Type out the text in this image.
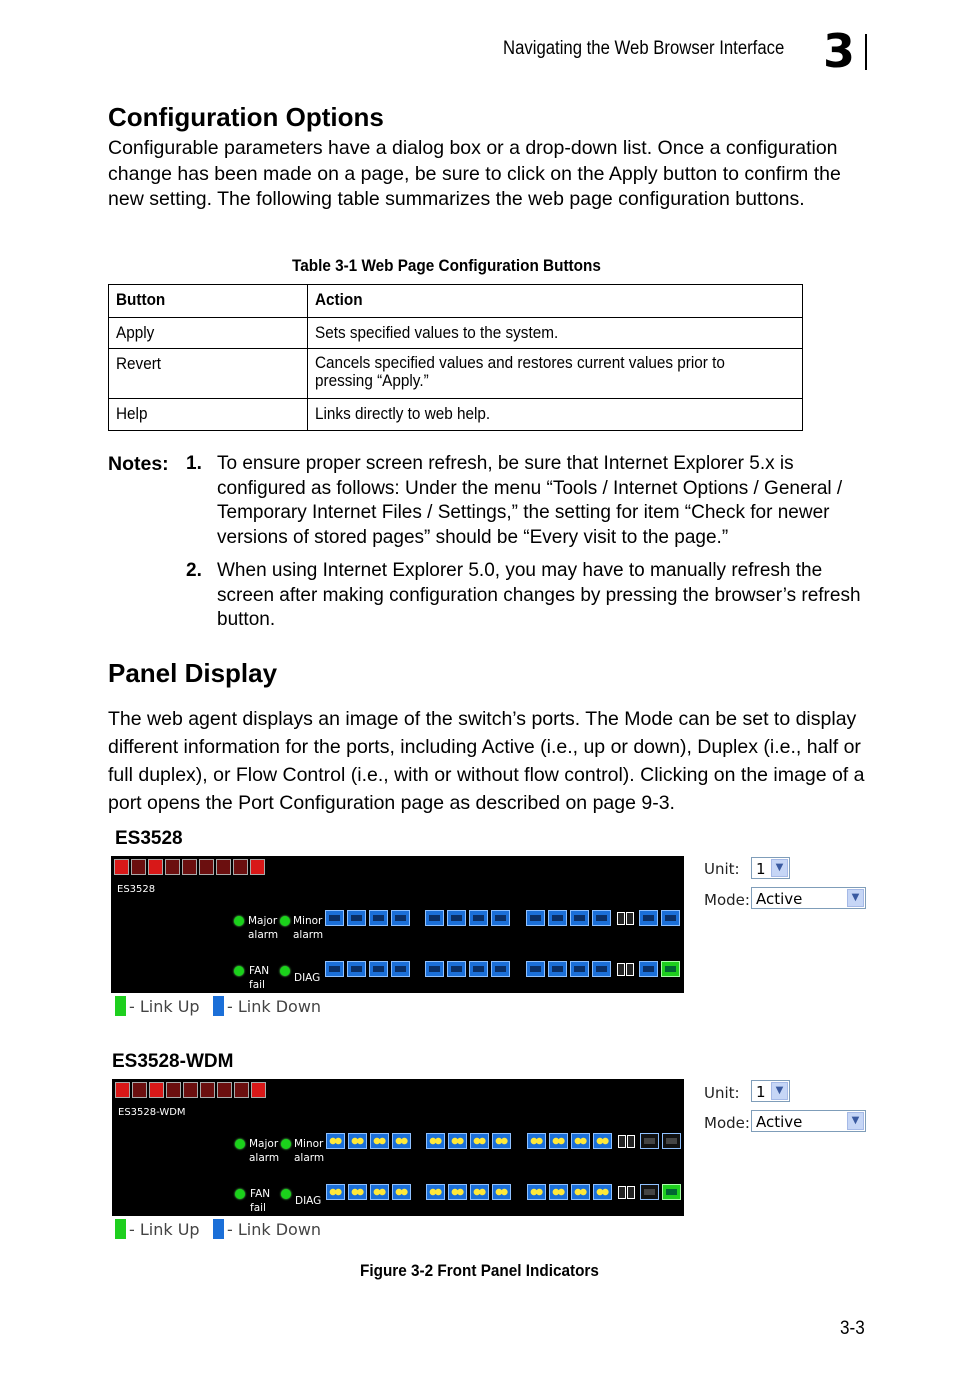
Navigating the Web Browser Interface 3
Configuration Options
Configurable parameters have a dialog box or a drop-down list. Once a configuration change has been made on a page, be sure to click on the Apply button to confirm the new setting. The following table summarizes the web page configuration buttons.
Table 3-1 Web Page Configuration Buttons
Button	Action
Apply	Sets specified values to the system.
Revert	Cancels specified values and restores current values prior to pressing “Apply.”
Help	Links directly to web help.
Notes: 1. To ensure proper screen refresh, be sure that Internet Explorer 5.x is configured as follows: Under the menu “Tools / Internet Options / General / Temporary Internet Files / Settings,” the setting for item “Check for newer versions of stored pages” should be “Every visit to the page.”
2. When using Internet Explorer 5.0, you may have to manually refresh the screen after making configuration changes by pressing the browser’s refresh button.
Panel Display
The web agent displays an image of the switch’s ports. The Mode can be set to display different information for the ports, including Active (i.e., up or down), Duplex (i.e., half or full duplex), or Flow Control (i.e., with or without flow control). Clicking on the image of a port opens the Port Configuration page as described on page 9-3.
ES3528
ES3528
Major
alarm
Minor
alarm
FAN
fail
DIAG
Unit:	1	▼
Mode: Active	▼
- Link Up - Link Down
ES3528-WDM
ES3528-WDM
Major
alarm
Minor
alarm
FAN
fail
DIAG
Unit:	1	▼
Mode: Active	▼
- Link Up - Link Down
Figure 3-2 Front Panel Indicators
3-3
